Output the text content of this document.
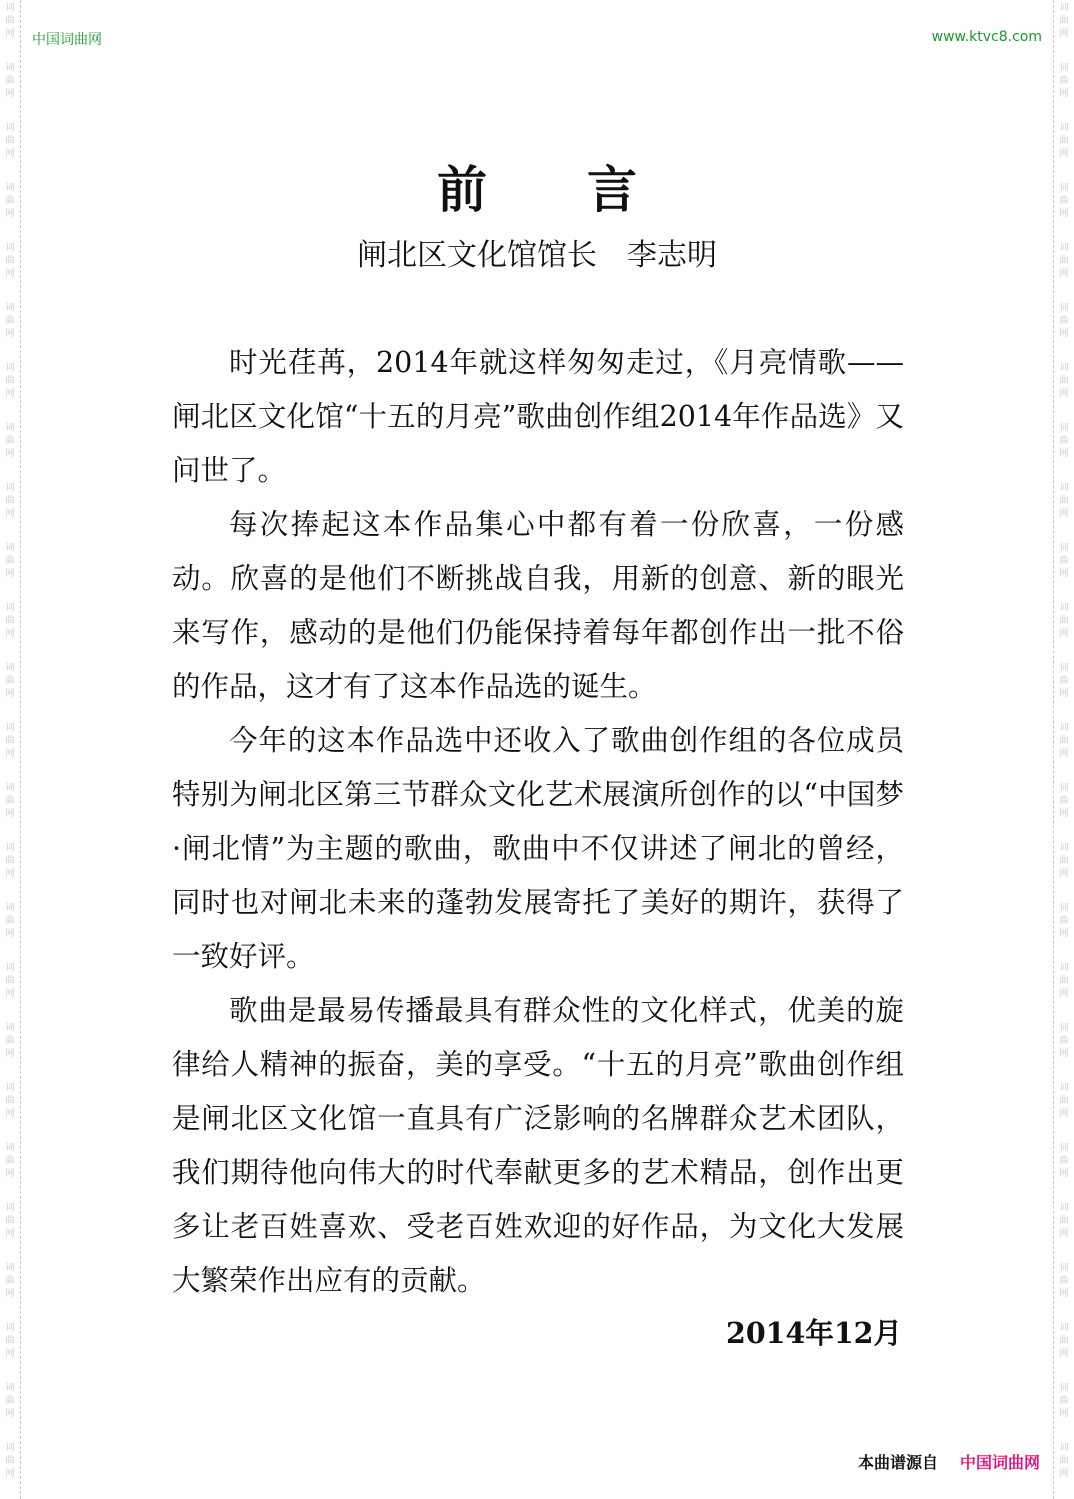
词
曲
网
词
曲
网
词
曲
网
词
曲
网
词
曲
网
词
曲
网
词
曲
网
词
曲
网
词
曲
网
词
曲
网
词
曲
网
词
曲
网
词
曲
网
词
曲
网
词
曲
网
词
曲
网
词
曲
网
词
曲
网
词
曲
网
词
曲
网
词
曲
网
词
曲
网
词
曲
网
词
曲
网
词
曲
网
词
曲
网
词
曲
网
词
曲
网
词
曲
网
词
曲
网
词
曲
网
词
曲
网
词
曲
网
词
曲
网
词
曲
网
词
曲
网
词
曲
网
词
曲
网
词
曲
网
词
曲
网
词
曲
网
词
曲
网
词
曲
网
词
曲
网
词
曲
网
词
曲
网
词
曲
网
词
曲
网
词
曲
网
词
曲
网
中国词曲网	www.ktvc8.com
前言
闸北区文化馆馆长　李志明

时光荏苒，2014年就这样匆匆走过，《月亮情歌——闸北区文化馆“十五的月亮”歌曲创作组2014年作品选》又问世了。

每次捧起这本作品集心中都有着一份欣喜，一份感动。欣喜的是他们不断挑战自我，用新的创意、新的眼光来写作，感动的是他们仍能保持着每年都创作出一批不俗的作品，这才有了这本作品选的诞生。

今年的这本作品选中还收入了歌曲创作组的各位成员特别为闸北区第三节群众文化艺术展演所创作的以“中国梦·闸北情”为主题的歌曲，歌曲中不仅讲述了闸北的曾经，同时也对闸北未来的蓬勃发展寄托了美好的期许，获得了一致好评。

歌曲是最易传播最具有群众性的文化样式，优美的旋律给人精神的振奋，美的享受。“十五的月亮”歌曲创作组是闸北区文化馆一直具有广泛影响的名牌群众艺术团队，我们期待他向伟大的时代奉献更多的艺术精品，创作出更多让老百姓喜欢、受老百姓欢迎的好作品，为文化大发展大繁荣作出应有的贡献。

2014年12月
本曲谱源自 中国词曲网
